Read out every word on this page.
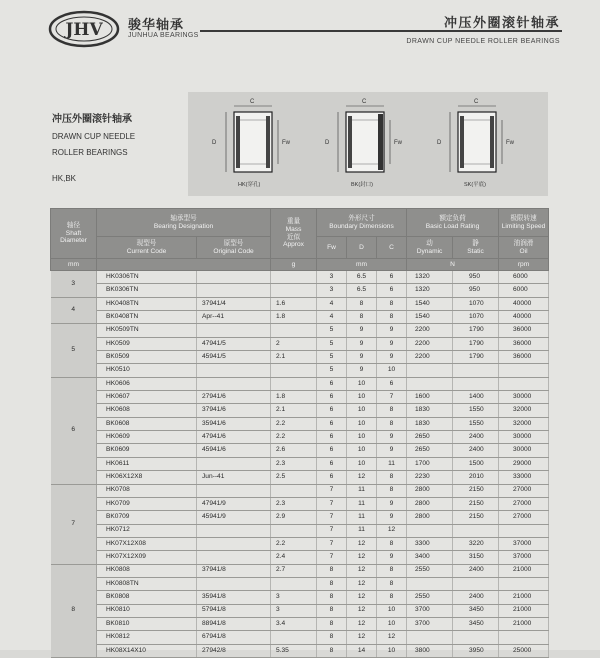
JHV 骏华轴承
JUNHUA BEARINGS
冲压外圈滚针轴承
DRAWN CUP NEEDLE ROLLER BEARINGS
冲压外圈滚针轴承
DRAWN CUP NEEDLE
ROLLER BEARINGS
HK,BK
C
D	Fw
HK(穿孔)
C
D	Fw
BK(封口)
C
D	Fw
SK(平底)
轴径
Shaft
Diameter	轴承型号
Bearing Designation		重量
Mass
近似
Approx	外形尺寸
Boundary Dimensions			额定负荷
Basic Load Rating		极限转速
Limiting Speed
	现型号
Current Code	原型号
Original Code		Fw	D	C	动
Dynamic	静
Static	油润滑
Oil
mm			g	mm			N		rpm
3	HK0306TN			3	6.5	6	1320	950	6000
	BK0306TN			3	6.5	6	1320	950	6000
4	HK0408TN	37941/4	1.6	4	8	8	1540	1070	40000
	BK0408TN	Apr--41	1.8	4	8	8	1540	1070	40000
5	HK0509TN			5	9	9	2200	1790	36000
	HK0509	47941/5	2	5	9	9	2200	1790	36000
	BK0509	45941/5	2.1	5	9	9	2200	1790	36000
	HK0510			5	9	10			
6	HK0606			6	10	6			
	HK0607	27941/6	1.8	6	10	7	1600	1400	30000
	HK0608	37941/6	2.1	6	10	8	1830	1550	32000
	BK0608	35941/6	2.2	6	10	8	1830	1550	32000
	HK0609	47941/6	2.2	6	10	9	2650	2400	30000
	BK0609	45941/6	2.6	6	10	9	2650	2400	30000
	HK0611		2.3	6	10	11	1700	1500	29000
	HK06X12X8	Jun--41	2.5	6	12	8	2230	2010	33000
7	HK0708			7	11	8	2800	2150	27000
	HK0709	47941/9	2.3	7	11	9	2800	2150	27000
	BK0709	45941/9	2.9	7	11	9	2800	2150	27000
	HK0712			7	11	12			
	HK07X12X08		2.2	7	12	8	3300	3220	37000
	HK07X12X09		2.4	7	12	9	3400	3150	37000
8	HK0808	37941/8	2.7	8	12	8	2550	2400	21000
	HK0808TN			8	12	8			
	BK0808	35941/8	3	8	12	8	2550	2400	21000
	HK0810	57941/8	3	8	12	10	3700	3450	21000
	BK0810	88941/8	3.4	8	12	10	3700	3450	21000
	HK0812	67941/8		8	12	12			
	HK08X14X10	27942/8	5.35	8	14	10	3800	3950	25000
